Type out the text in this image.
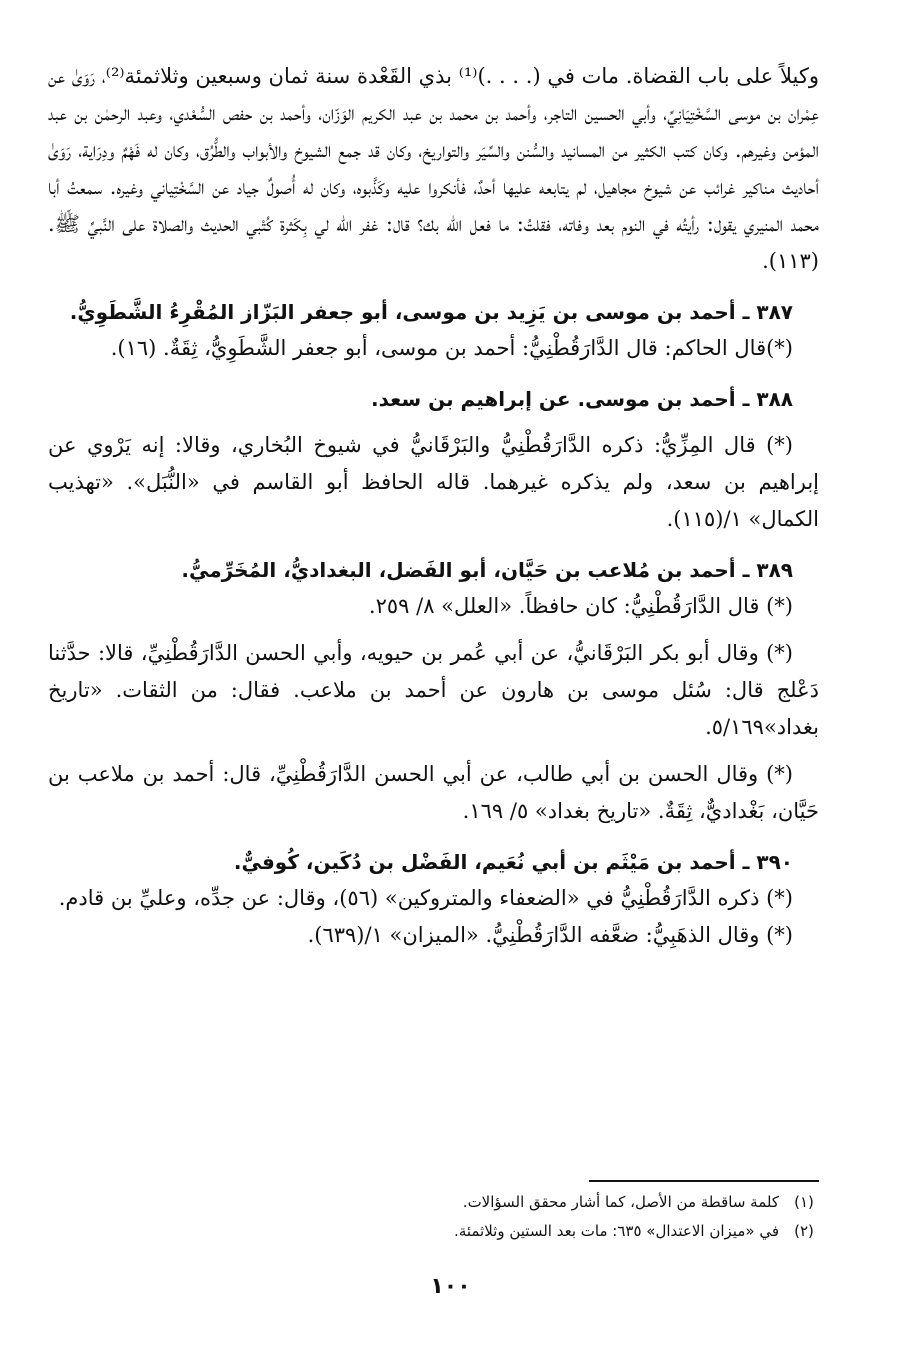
وكيلاً على باب القضاة. مات في (. . . .)⁽¹⁾ بذي القَعْدة سنة ثمان وسبعين وثلاثمئة⁽²⁾، رَوَىٰ عن عِمْران بن موسى السَّخْتِيَانِيِّ، وأبي الحسين التاجر، وأحمد بن محمد بن عبد الكريم الوَزّان، وأحمد بن حفص السُّعْدي، وعبد الرحمٰن بن عبد المؤمن وغيرهم. وكان كتب الكثير من المسانيد والسُّنن والسِّيَر والتواريخ، وكان قد جمع الشيوخ والأبواب والطُّرُق، وكان له فَهْمٌ ودِرَاية، رَوَىٰ أحاديث مناكير غرائب عن شيوخ مجاهيل، لم يتابعه عليها أحدٌ، فأنكروا عليه وكَذَّبوه، وكان له أُصولٌ جياد عن السَّخْتِياني وغيره. سمعتُ أبا محمد المنيري يقول: رأيتُه في النوم بعد وفاته، فقلتُ: ما فعل الله بك؟ قال: غفر الله لي بِكَثرة كُتْبي الحديث والصلاة على النَّبيِّ ﷺ. (١١٣).

٣٨٧ ـ أحمد بن موسى بن يَزِيد بن موسى، أبو جعفر البَزّاز المُقْرِءُ الشَّطَوِيُّ.

(*)قال الحاكم: قال الدَّارَقُطْنِيُّ: أحمد بن موسى، أبو جعفر الشَّطَوِيُّ، ثِقَةٌ. (١٦).

٣٨٨ ـ أحمد بن موسى. عن إبراهيم بن سعد.

(*) قال المِزِّيُّ: ذكره الدَّارَقُطْنِيُّ والبَرْقَانيُّ في شيوخ البُخاري، وقالا: إنه يَرْوي عن إبراهيم بن سعد، ولم يذكره غيرهما. قاله الحافظ أبو القاسم في «النُّبَل». «تهذيب الكمال» ١/(١١٥).

٣٨٩ ـ أحمد بن مُلاعب بن حَيَّان، أبو الفَضل، البغداديُّ، المُخَرِّميُّ.

(*) قال الدَّارَقُطْنِيُّ: كان حافظاً. «العلل» ٨/ ٢٥٩.

(*) وقال أبو بكر البَرْقَانيُّ، عن أبي عُمر بن حيويه، وأبي الحسن الدَّارَقُطْنِيِّ، قالا: حدَّثنا دَعْلج قال: سُئل موسى بن هارون عن أحمد بن ملاعب. فقال: من الثقات. «تاريخ بغداد»٥/١٦٩.

(*) وقال الحسن بن أبي طالب، عن أبي الحسن الدَّارَقُطْنِيِّ، قال: أحمد بن ملاعب بن حَيَّان، بَغْداديٌّ، ثِقَةٌ. «تاريخ بغداد» ٥/ ١٦٩.

٣٩٠ ـ أحمد بن مَيْثَم بن أبي نُعَيم، الفَضْل بن دُكَين، كُوفيٌّ.

(*) ذكره الدَّارَقُطْنِيُّ في «الضعفاء والمتروكين» (٥٦)، وقال: عن جدِّه، وعليِّ بن قادم.

(*) وقال الذهَبِيُّ: ضعَّفه الدَّارَقُطْنِيُّ. «الميزان» ١/(٦٣٩).

(١)كلمة ساقطة من الأصل، كما أشار محقق السؤالات.
(٢)في «ميزان الاعتدال» ٦٣٥: مات بعد الستين وثلاثمئة.
١٠٠
